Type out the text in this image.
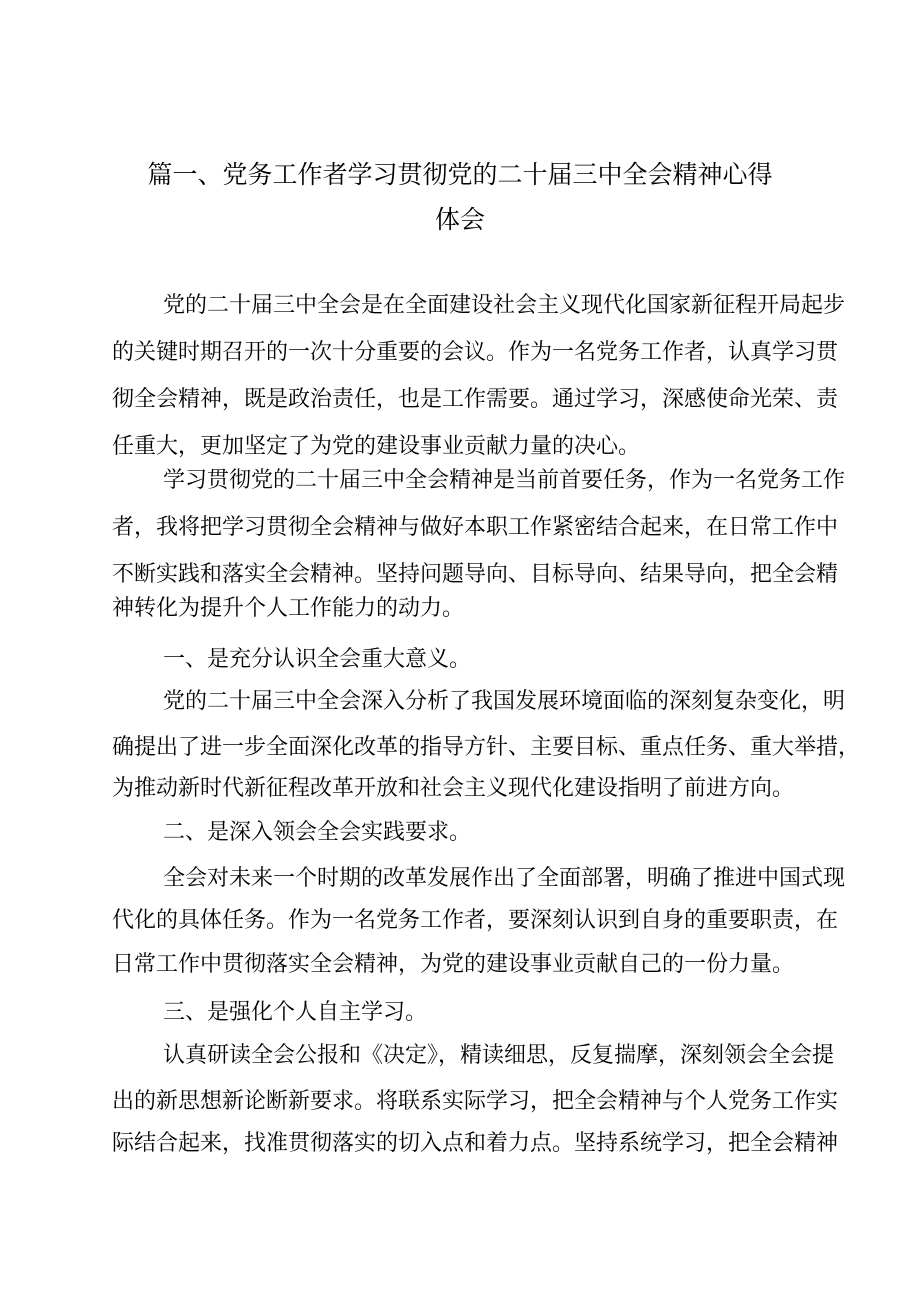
篇一、党务工作者学习贯彻党的二十届三中全会精神心得
体会
党的二十届三中全会是在全面建设社会主义现代化国家新征程开局起步
的关键时期召开的一次十分重要的会议。作为一名党务工作者，认真学习贯
彻全会精神，既是政治责任，也是工作需要。通过学习，深感使命光荣、责
任重大，更加坚定了为党的建设事业贡献力量的决心。
学习贯彻党的二十届三中全会精神是当前首要任务，作为一名党务工作
者，我将把学习贯彻全会精神与做好本职工作紧密结合起来，在日常工作中
不断实践和落实全会精神。坚持问题导向、目标导向、结果导向，把全会精
神转化为提升个人工作能力的动力。
一、是充分认识全会重大意义。
党的二十届三中全会深入分析了我国发展环境面临的深刻复杂变化，明
确提出了进一步全面深化改革的指导方针、主要目标、重点任务、重大举措，
为推动新时代新征程改革开放和社会主义现代化建设指明了前进方向。
二、是深入领会全会实践要求。
全会对未来一个时期的改革发展作出了全面部署，明确了推进中国式现
代化的具体任务。作为一名党务工作者，要深刻认识到自身的重要职责，在
日常工作中贯彻落实全会精神，为党的建设事业贡献自己的一份力量。
三、是强化个人自主学习。
认真研读全会公报和《决定》，精读细思，反复揣摩，深刻领会全会提
出的新思想新论断新要求。将联系实际学习，把全会精神与个人党务工作实
际结合起来，找准贯彻落实的切入点和着力点。坚持系统学习，把全会精神
